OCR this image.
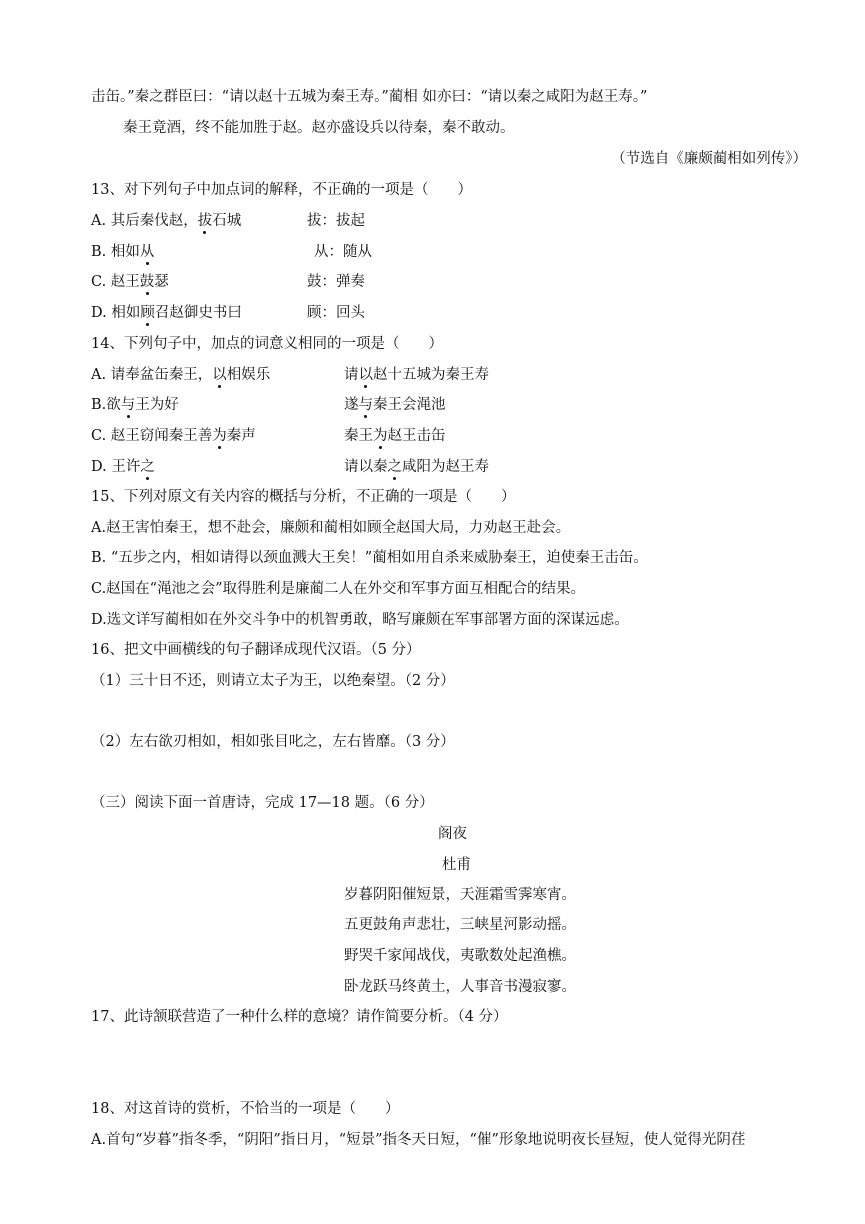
击缶。”秦之群臣曰：“请以赵十五城为秦王寿。”蔺相 如亦曰：“请以秦之咸阳为赵王寿。”
秦王竟酒，终不能加胜于赵。赵亦盛设兵以待秦，秦不敢动。
（节选自《廉颇蔺相如列传》）
13、对下列句子中加点词的解释，不正确的一项是（　　）
A. 其后秦伐赵，拔石城	拔：拔起
B. 相如从	从：随从
C. 赵王鼓瑟	鼓：弹奏
D. 相如顾召赵御史书曰	顾：回头
14、下列句子中，加点的词意义相同的一项是（　　）
A. 请奉盆缶秦王，以相娱乐	请以赵十五城为秦王寿
B.欲与王为好	遂与秦王会渑池
C. 赵王窃闻秦王善为秦声	秦王为赵王击缶
D. 王许之	请以秦之咸阳为赵王寿
15、下列对原文有关内容的概括与分析，不正确的一项是（　　）
A.赵王害怕秦王，想不赴会，廉颇和蔺相如顾全赵国大局，力劝赵王赴会。
B. “五步之内，相如请得以颈血溅大王矣！”蔺相如用自杀来威胁秦王，迫使秦王击缶。
C.赵国在“渑池之会”取得胜利是廉蔺二人在外交和军事方面互相配合的结果。
D.选文详写蔺相如在外交斗争中的机智勇敢，略写廉颇在军事部署方面的深谋远虑。
16、把文中画横线的句子翻译成现代汉语。（5 分）
（1）三十日不还，则请立太子为王，以绝秦望。（2 分）
（2）左右欲刃相如，相如张目叱之，左右皆靡。（3 分）
（三）阅读下面一首唐诗，完成 17—18 题。（6 分）
阁夜
杜甫
岁暮阴阳催短景，天涯霜雪霁寒宵。
五更鼓角声悲壮，三峡星河影动摇。
野哭千家闻战伐，夷歌数处起渔樵。
卧龙跃马终黄土，人事音书漫寂寥。
17、此诗颔联营造了一种什么样的意境？请作简要分析。（4 分）
18、对这首诗的赏析，不恰当的一项是（　　）
A.首句“岁暮”指冬季，“阴阳”指日月，“短景”指冬天日短，“催”形象地说明夜长昼短，使人觉得光阴荏
